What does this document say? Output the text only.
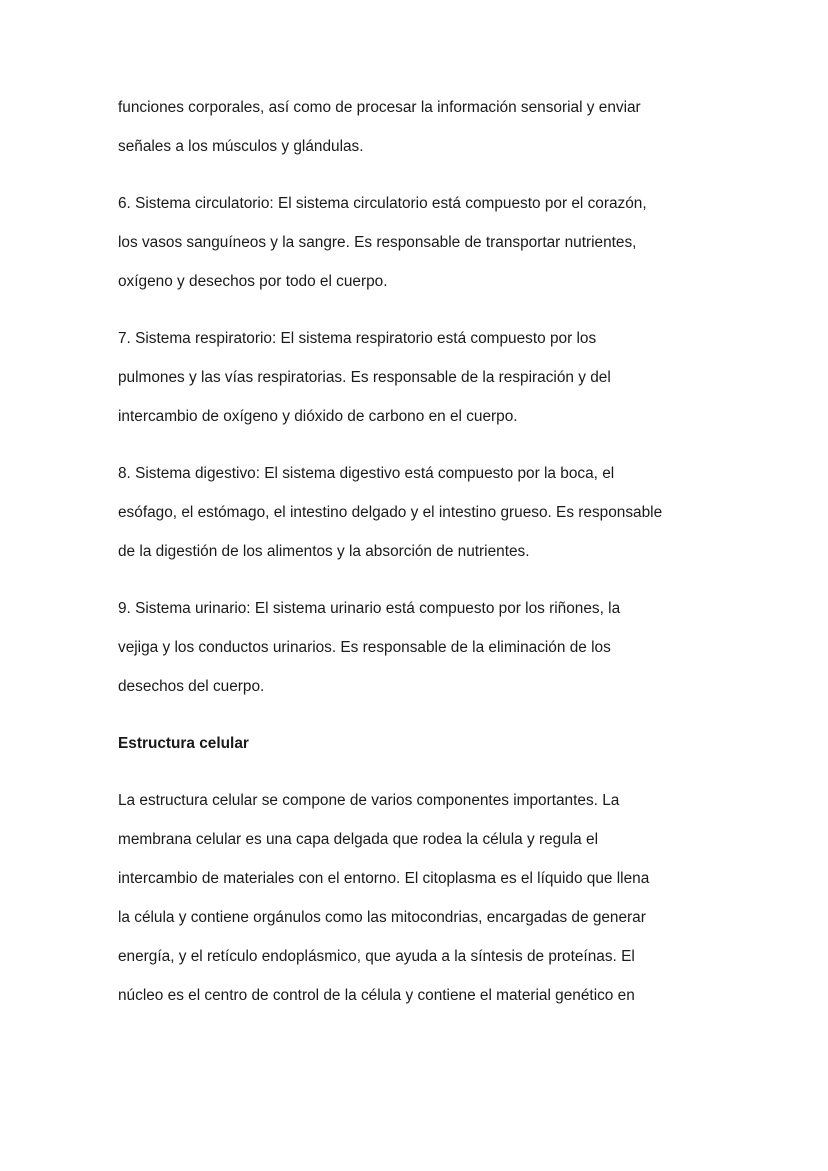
funciones corporales, así como de procesar la información sensorial y enviar
señales a los músculos y glándulas.
6. Sistema circulatorio: El sistema circulatorio está compuesto por el corazón,
los vasos sanguíneos y la sangre. Es responsable de transportar nutrientes,
oxígeno y desechos por todo el cuerpo.
7. Sistema respiratorio: El sistema respiratorio está compuesto por los
pulmones y las vías respiratorias. Es responsable de la respiración y del
intercambio de oxígeno y dióxido de carbono en el cuerpo.
8. Sistema digestivo: El sistema digestivo está compuesto por la boca, el
esófago, el estómago, el intestino delgado y el intestino grueso. Es responsable
de la digestión de los alimentos y la absorción de nutrientes.
9. Sistema urinario: El sistema urinario está compuesto por los riñones, la
vejiga y los conductos urinarios. Es responsable de la eliminación de los
desechos del cuerpo.
Estructura celular
La estructura celular se compone de varios componentes importantes. La
membrana celular es una capa delgada que rodea la célula y regula el
intercambio de materiales con el entorno. El citoplasma es el líquido que llena
la célula y contiene orgánulos como las mitocondrias, encargadas de generar
energía, y el retículo endoplásmico, que ayuda a la síntesis de proteínas. El
núcleo es el centro de control de la célula y contiene el material genético en
